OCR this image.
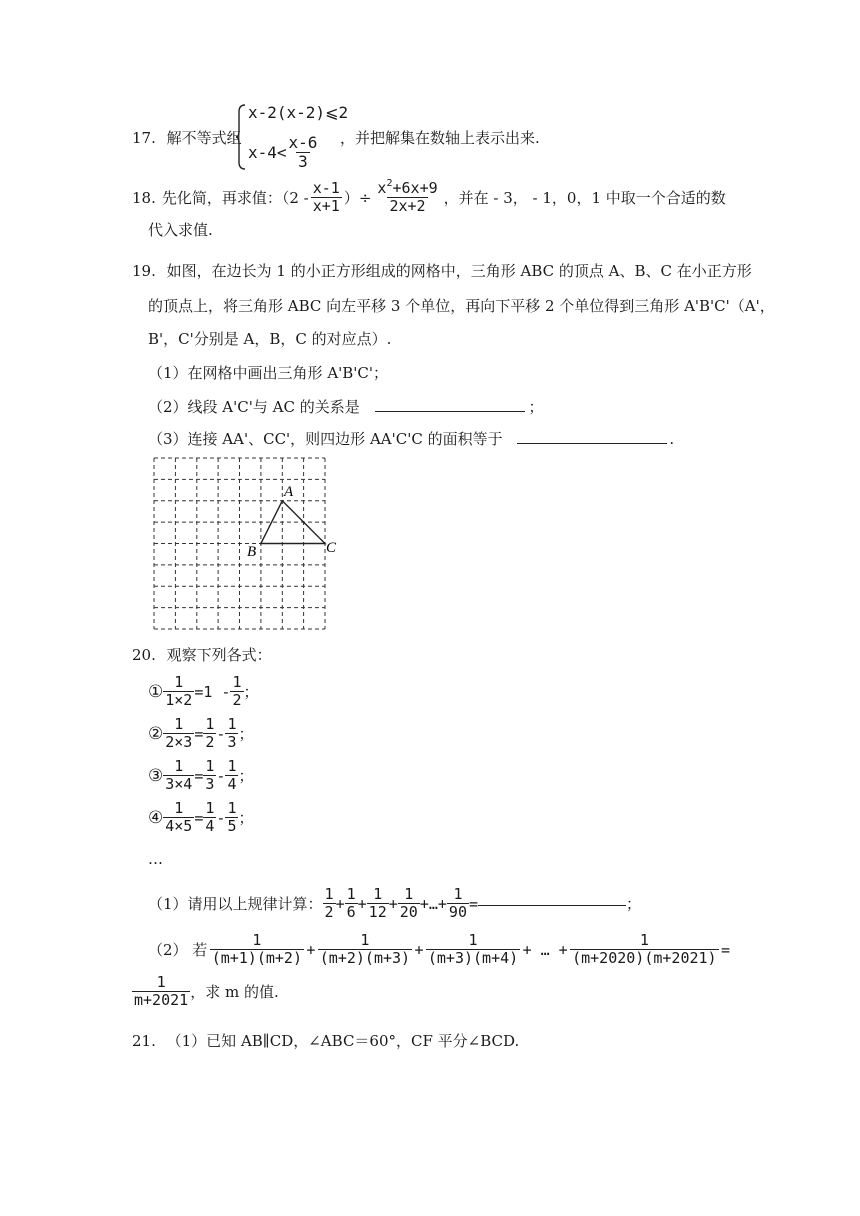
17. 解不等式组
x-2(x-2)⩽2
$x-4< \frac{x-6}{3}$ ，并把解集在数轴上表示出来.
18. 先化简，再求值：（$2 - \frac{x-1}{x+1}$ ）÷ $\frac{x^2+6x+9}{2x+2}$ ，并在 - 3， - 1，0，1 中取一个合适的数
代入求值.
19. 如图，在边长为 1 的小正方形组成的网格中，三角形 ABC 的顶点 A、B、C 在小正方形
的顶点上，将三角形 ABC 向左平移 3 个单位，再向下平移 2 个单位得到三角形 A'B'C'（A'，
B'，C'分别是 A，B，C 的对应点）.
（1）在网格中画出三角形 A'B'C'；
（2）线段 A'C'与 AC 的关系是	；
（3）连接 AA'、CC'，则四边形 AA'C'C 的面积等于	.
A
B	C
20. 观察下列各式：
① $\frac{1}{1\times 2} =1 - \frac{1}{2}$ ；
② $\frac{1}{2\times 3} = \frac{1}{2} - \frac{1}{3}$ ；
③ $\frac{1}{3\times 4} = \frac{1}{3} - \frac{1}{4}$ ；
④ $\frac{1}{4\times 5} = \frac{1}{4} - \frac{1}{5}$ ；
…
（1）请用以上规律计算： $\frac{1}{2} + \frac{1}{6} + \frac{1}{12} + \frac{1}{20}$ +…+ $\frac{1}{90}$ =	；
（2） 若 $\frac{1}{(m+1)(m+2)} + \frac{1}{(m+2)(m+3)} + \frac{1}{(m+3)(m+4)}$ + … + $\frac{1}{(m+2020)(m+2021)}$ =
$\frac{1}{m+2021}$ ，求 m 的值.
21. （1）已知 AB∥CD，∠ABC＝60°，CF 平分∠BCD.
